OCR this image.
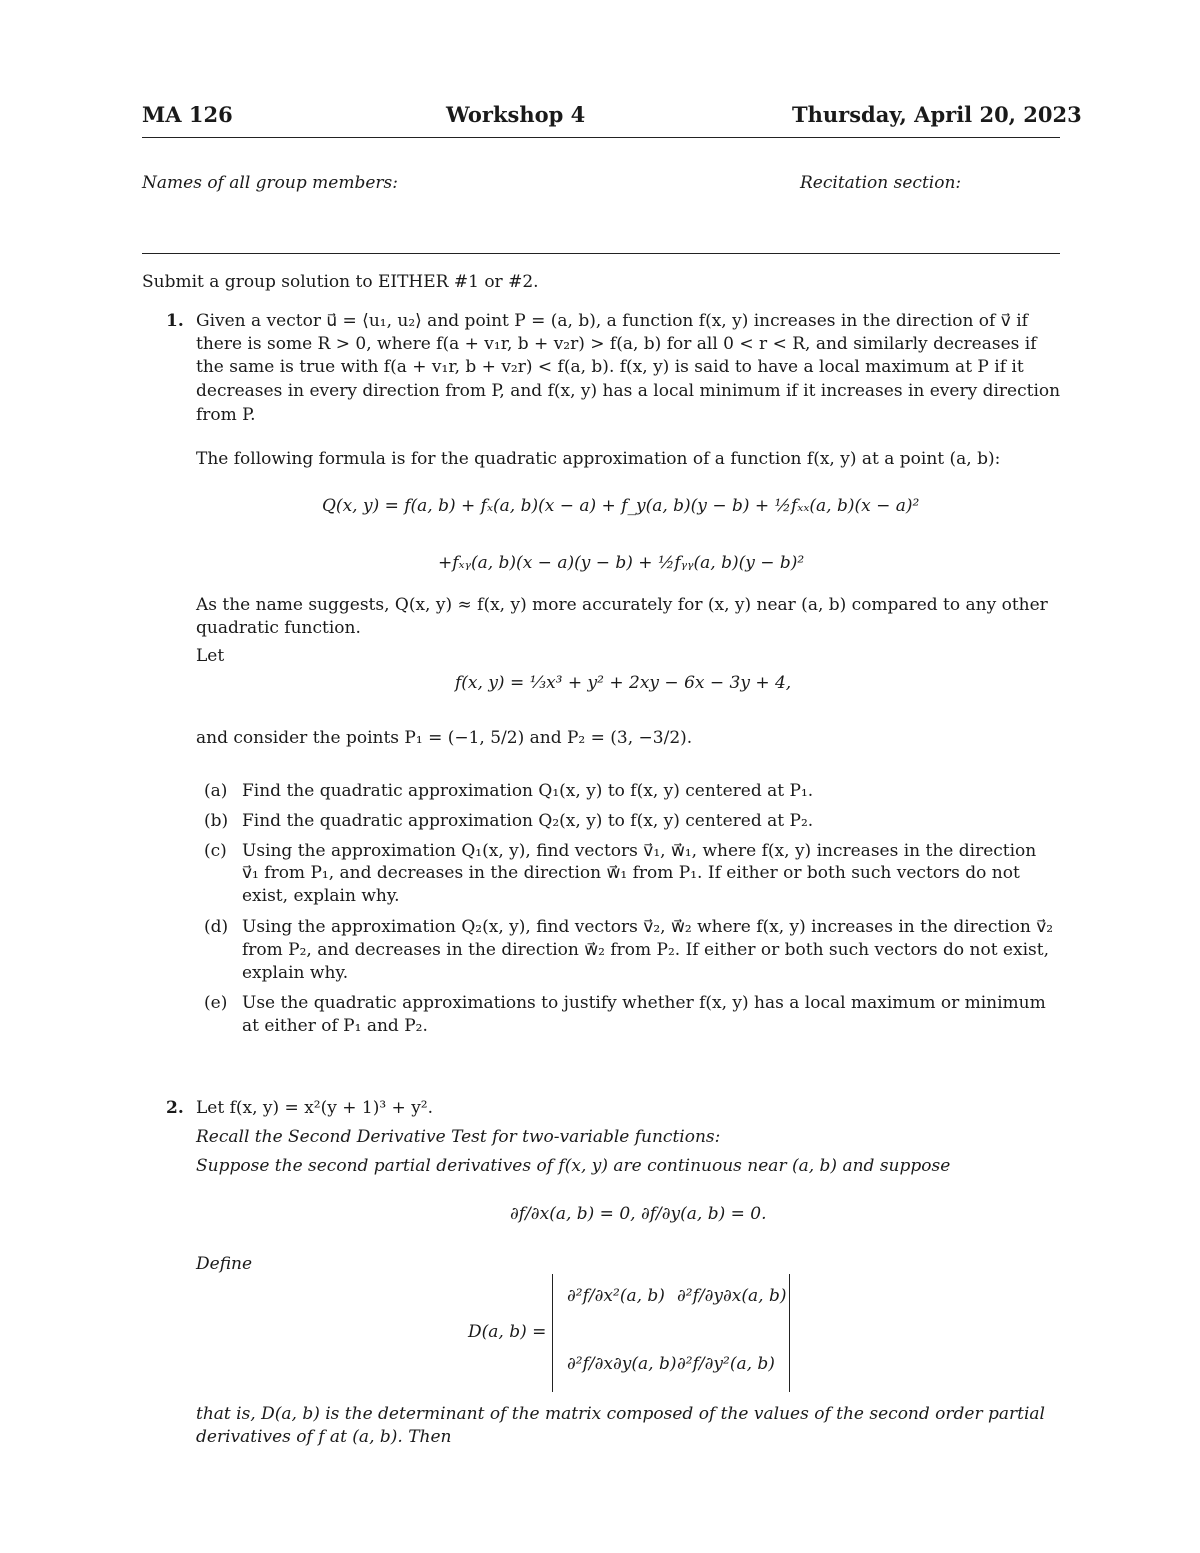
MA 126	Workshop 4	Thursday, April 20, 2023
Names of all group members:	Recitation section:
Submit a group solution to EITHER #1 or #2.
1. Given a vector u⃗ = ⟨u₁, u₂⟩ and point P = (a, b), a function f(x, y) increases in the direction of v⃗ if
there is some R > 0, where f(a + v₁r, b + v₂r) > f(a, b) for all 0 < r < R, and similarly decreases if
the same is true with f(a + v₁r, b + v₂r) < f(a, b). f(x, y) is said to have a local maximum at P if it
decreases in every direction from P, and f(x, y) has a local minimum if it increases in every direction
from P.
The following formula is for the quadratic approximation of a function f(x, y) at a point (a, b):
Q(x, y) = f(a, b) + fₓ(a, b)(x − a) + f_y(a, b)(y − b) + ½fₓₓ(a, b)(x − a)²
+fₓᵧ(a, b)(x − a)(y − b) + ½fᵧᵧ(a, b)(y − b)²
As the name suggests, Q(x, y) ≈ f(x, y) more accurately for (x, y) near (a, b) compared to any other
quadratic function.
Let
f(x, y) = ⅓x³ + y² + 2xy − 6x − 3y + 4,
and consider the points P₁ = (−1, 5/2) and P₂ = (3, −3/2).
(a) Find the quadratic approximation Q₁(x, y) to f(x, y) centered at P₁.
(b) Find the quadratic approximation Q₂(x, y) to f(x, y) centered at P₂.
(c) Using the approximation Q₁(x, y), find vectors v⃗₁, w⃗₁, where f(x, y) increases in the direction
v⃗₁ from P₁, and decreases in the direction w⃗₁ from P₁. If either or both such vectors do not
exist, explain why.
(d) Using the approximation Q₂(x, y), find vectors v⃗₂, w⃗₂ where f(x, y) increases in the direction v⃗₂
from P₂, and decreases in the direction w⃗₂ from P₂. If either or both such vectors do not exist,
explain why.
(e) Use the quadratic approximations to justify whether f(x, y) has a local maximum or minimum
at either of P₁ and P₂.
2. Let f(x, y) = x²(y + 1)³ + y².
Recall the Second Derivative Test for two-variable functions:
Suppose the second partial derivatives of f(x, y) are continuous near (a, b) and suppose
∂f/∂x(a, b) = 0, ∂f/∂y(a, b) = 0.
Define
D(a, b) =
∂²f/∂x²(a, b) ∂²f/∂y∂x(a, b)
∂²f/∂x∂y(a, b) ∂²f/∂y²(a, b)
that is, D(a, b) is the determinant of the matrix composed of the values of the second order partial
derivatives of f at (a, b). Then
